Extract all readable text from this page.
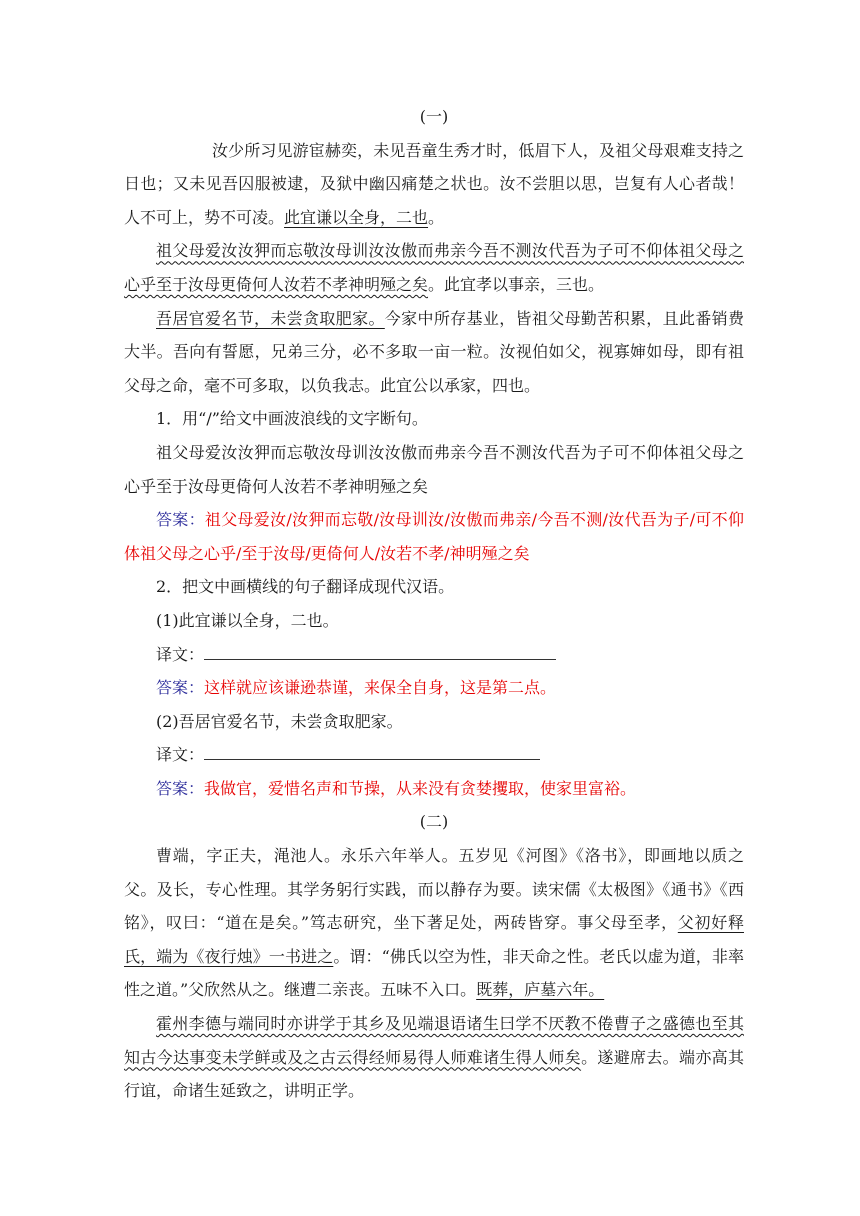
(一)

汝少所习见游宦赫奕，未见吾童生秀才时，低眉下人，及祖父母艰难支持之日也；又未见吾囚服被逮，及狱中幽囚痛楚之状也。汝不尝胆以思，岂复有人心者哉！人不可上，势不可凌。此宜谦以全身，二也。

祖父母爱汝汝狎而忘敬汝母训汝汝傲而弗亲今吾不测汝代吾为子可不仰体祖父母之心乎至于汝母更倚何人汝若不孝神明殛之矣。此宜孝以事亲，三也。

吾居官爱名节，未尝贪取肥家。今家中所存基业，皆祖父母勤苦积累，且此番销费大半。吾向有誓愿，兄弟三分，必不多取一亩一粒。汝视伯如父，视寡婶如母，即有祖父母之命，毫不可多取，以负我志。此宜公以承家，四也。

1．用“/”给文中画波浪线的文字断句。

祖父母爱汝汝狎而忘敬汝母训汝汝傲而弗亲今吾不测汝代吾为子可不仰体祖父母之心乎至于汝母更倚何人汝若不孝神明殛之矣

答案：祖父母爱汝/汝狎而忘敬/汝母训汝/汝傲而弗亲/今吾不测/汝代吾为子/可不仰体祖父母之心乎/至于汝母/更倚何人/汝若不孝/神明殛之矣

2．把文中画横线的句子翻译成现代汉语。

(1)此宜谦以全身，二也。

译文：

答案：这样就应该谦逊恭谨，来保全自身，这是第二点。

(2)吾居官爱名节，未尝贪取肥家。

译文：

答案：我做官，爱惜名声和节操，从来没有贪婪攫取，使家里富裕。

(二)

曹端，字正夫，渑池人。永乐六年举人。五岁见《河图》《洛书》，即画地以质之父。及长，专心性理。其学务躬行实践，而以静存为要。读宋儒《太极图》《通书》《西铭》，叹曰：“道在是矣。”笃志研究，坐下著足处，两砖皆穿。事父母至孝，父初好释氏，端为《夜行烛》一书进之。谓：“佛氏以空为性，非天命之性。老氏以虚为道，非率性之道。”父欣然从之。继遭二亲丧。五味不入口。既葬，庐墓六年。

霍州李德与端同时亦讲学于其乡及见端退语诸生曰学不厌教不倦曹子之盛德也至其知古今达事变未学鲜或及之古云得经师易得人师难诸生得人师矣。遂避席去。端亦高其行谊，命诸生延致之，讲明正学。
